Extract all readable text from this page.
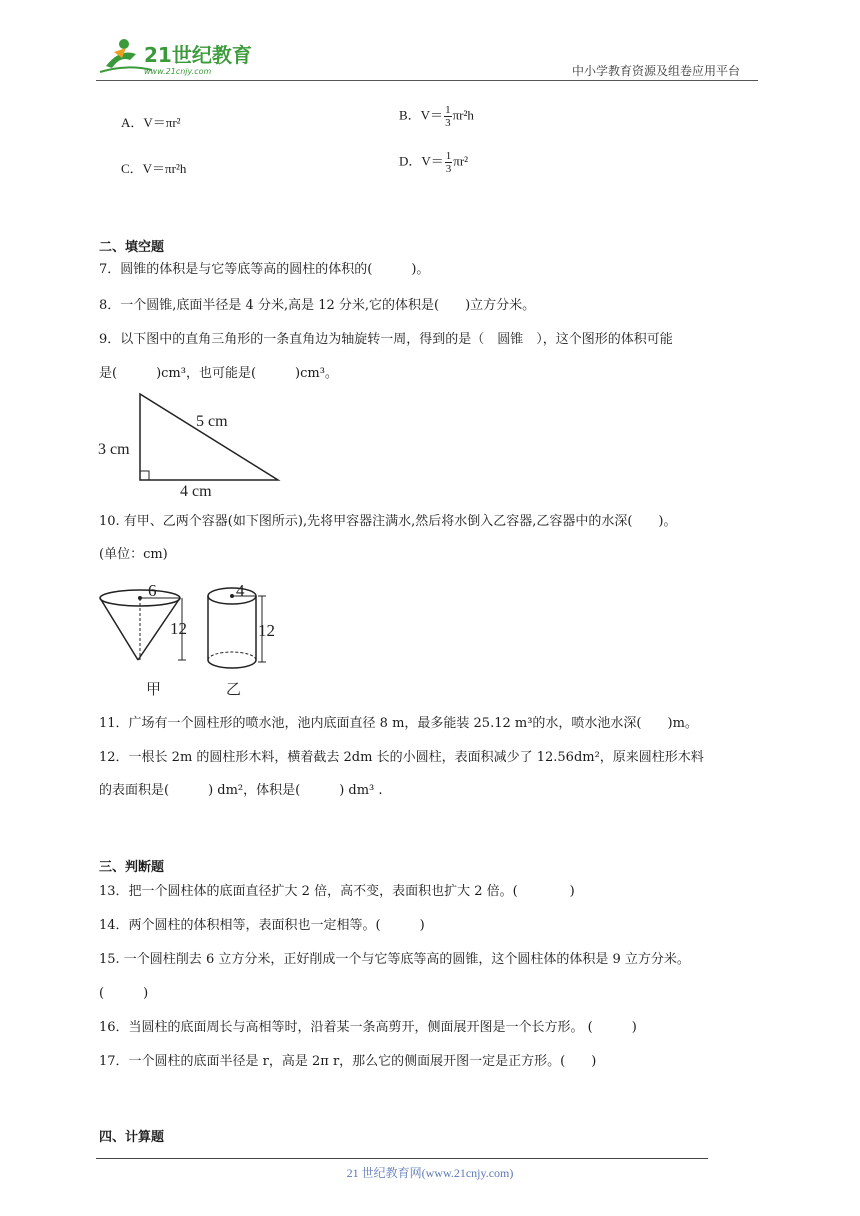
21世纪教育
www.21cnjy.com	中小学教育资源及组卷应用平台
A．V＝πr²
B．$V= \frac{1}{3} \pi r^2h$
C．V＝πr²h
D．$V= \frac{1}{3} \pi r^2$
二、填空题
7．圆锥的体积是与它等底等高的圆柱的体积的(　　　)。
8．一个圆锥,底面半径是 4 分米,高是 12 分米,它的体积是(　　)立方分米。
9．以下图中的直角三角形的一条直角边为轴旋转一周，得到的是（　圆锥　），这个图形的体积可能
是(　　　)cm³，也可能是(　　　)cm³。
5 cm
3 cm
4 cm
10. 有甲、乙两个容器(如下图所示),先将甲容器注满水,然后将水倒入乙容器,乙容器中的水深(　　)。
(单位：cm)
6
12
甲
4
12
乙
11．广场有一个圆柱形的喷水池，池内底面直径 8 m，最多能装 25.12 m³的水，喷水池水深(　　)m。
12．一根长 2m 的圆柱形木料，横着截去 2dm 长的小圆柱，表面积减少了 12.56dm²，原来圆柱形木料
的表面积是(　　　) dm²，体积是(　　　) dm³ .
三、判断题
13．把一个圆柱体的底面直径扩大 2 倍，高不变，表面积也扩大 2 倍。(　　　　)
14．两个圆柱的体积相等，表面积也一定相等。(　　　)
15. 一个圆柱削去 6 立方分米，正好削成一个与它等底等高的圆锥，这个圆柱体的体积是 9 立方分米。
(　　　)
16．当圆柱的底面周长与高相等时，沿着某一条高剪开，侧面展开图是一个长方形。 (　　　)
17．一个圆柱的底面半径是 r，高是 2π r，那么它的侧面展开图一定是正方形。(　　)
四、计算题
21 世纪教育网(www.21cnjy.com)
